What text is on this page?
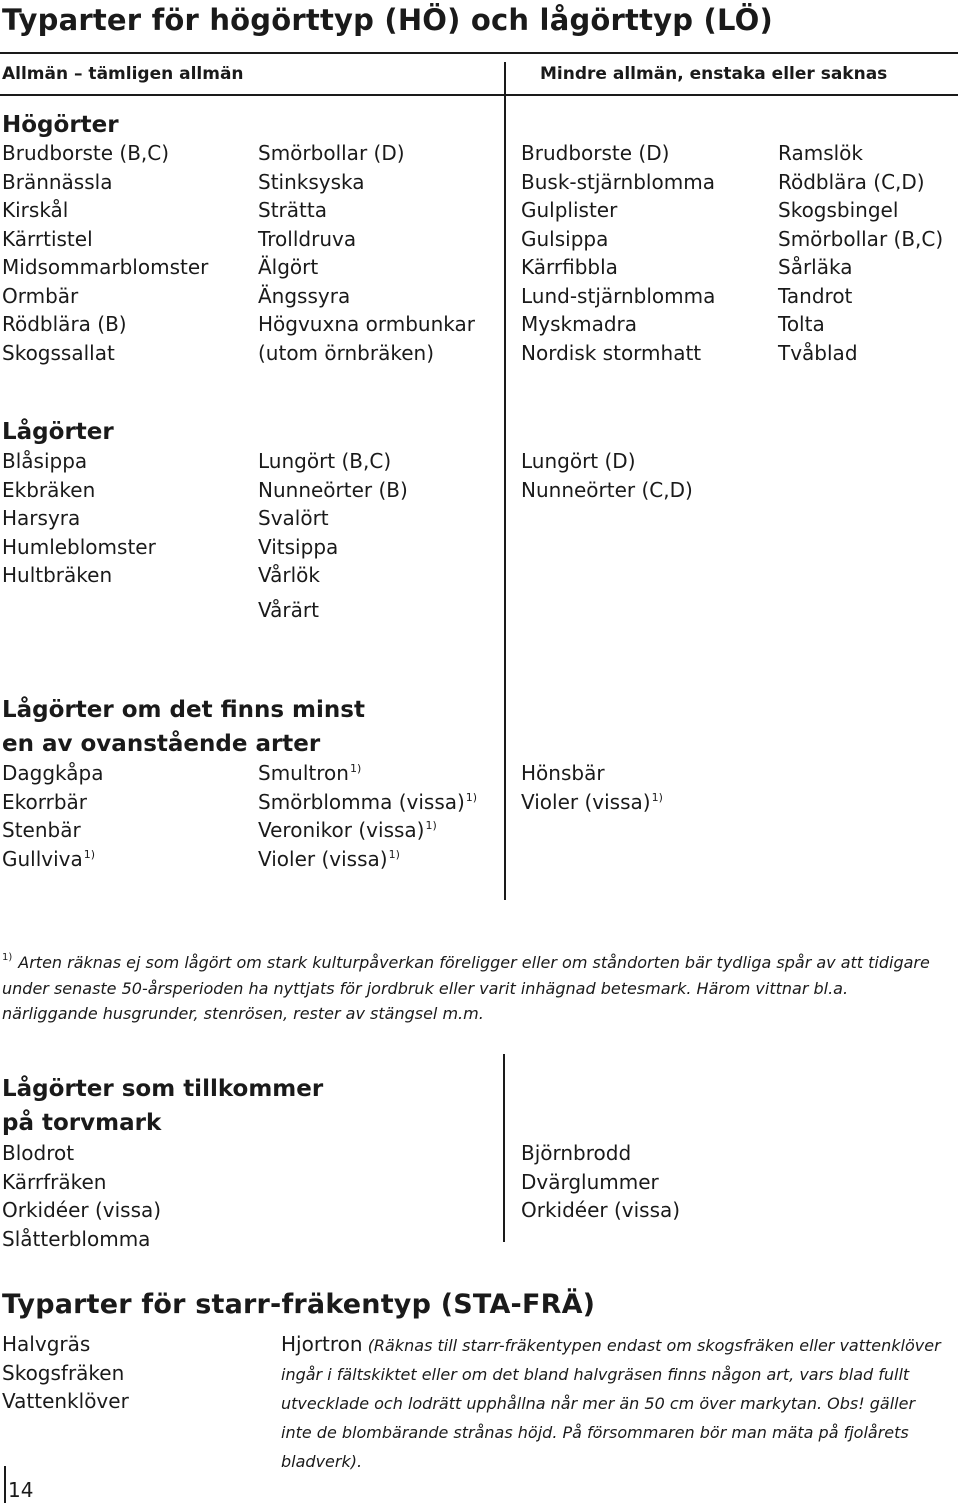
Typarter för högörttyp (HÖ) och lågörttyp (LÖ)
Allmän – tämligen allmän	Mindre allmän, enstaka eller saknas
Högörter
Brudborste (B,C)
Brännässla
Kirskål
Kärrtistel
Midsommarblomster
Ormbär
Rödblära (B)
Skogssallat
Smörbollar (D)
Stinksyska
Strätta
Trolldruva
Älgört
Ängssyra
Högvuxna ormbunkar
(utom örnbräken)
Brudborste (D)
Busk-stjärnblomma
Gulplister
Gulsippa
Kärrfibbla
Lund-stjärnblomma
Myskmadra
Nordisk stormhatt
Ramslök
Rödblära (C,D)
Skogsbingel
Smörbollar (B,C)
Sårläka
Tandrot
Tolta
Tvåblad
Lågörter
Blåsippa
Ekbräken
Harsyra
Humleblomster
Hultbräken
Lungört (B,C)
Nunneörter (B)
Svalört
Vitsippa
Vårlök
Vårärt
Lungört (D)
Nunneörter (C,D)
Lågörter om det finns minst
en av ovanstående arter
Daggkåpa
Ekorrbär
Stenbär
Gullviva$^{1)}$
Smultron$^{1)}$
Smörblomma (vissa)$^{1)}$
Veronikor (vissa)$^{1)}$
Violer (vissa)$^{1)}$
Hönsbär
Violer (vissa)$^{1)}$
$^{1)}$ Arten räknas ej som lågört om stark kulturpåverkan föreligger eller om ståndorten bär tydliga spår av att tidigare under senaste 50-årsperioden ha nyttjats för jordbruk eller varit inhägnad betesmark. Härom vittnar bl.a. närliggande husgrunder, stenrösen, rester av stängsel m.m.
Lågörter som tillkommer
på torvmark
Blodrot
Kärrfräken
Orkidéer (vissa)
Slåtterblomma
Björnbrodd
Dvärglummer
Orkidéer (vissa)
Typarter för starr-fräkentyp (STA-FRÄ)
Halvgräs
Skogsfräken
Vattenklöver
Hjortron (Räknas till starr-fräkentypen endast om skogsfräken eller vattenklöver ingår i fältskiktet eller om det bland halvgräsen finns någon art, vars blad fullt utvecklade och lodrätt upphållna når mer än 50 cm över markytan. Obs! gäller inte de blombärande strånas höjd. På försommaren bör man mäta på fjolårets bladverk).
14
